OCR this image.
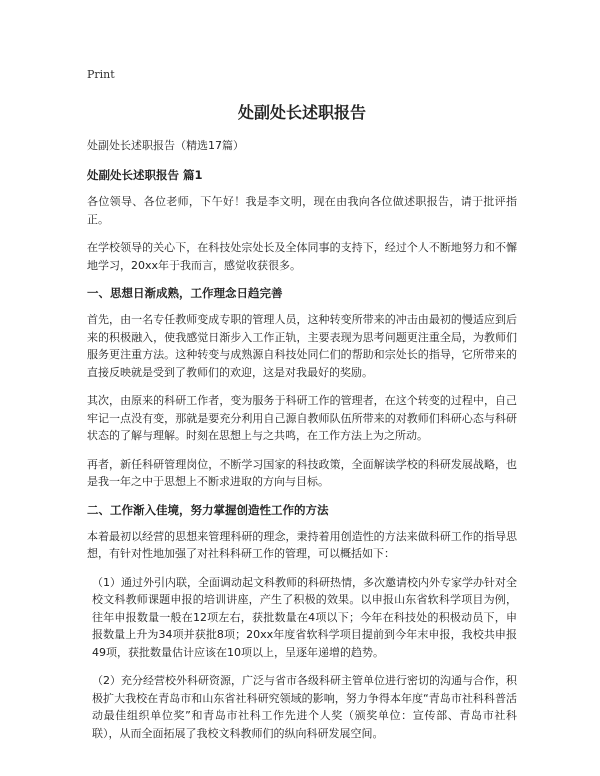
Print
处副处长述职报告
处副处长述职报告（精选17篇）
处副处长述职报告 篇1

各位领导、各位老师，下午好！我是李文明，现在由我向各位做述职报告，请于批评指正。

在学校领导的关心下，在科技处宗处长及全体同事的支持下，经过个人不断地努力和不懈地学习，20xx年于我而言，感觉收获很多。

一、思想日渐成熟，工作理念日趋完善

首先，由一名专任教师变成专职的管理人员，这种转变所带来的冲击由最初的慢适应到后来的积极融入，使我感觉日渐步入工作正轨，主要表现为思考问题更注重全局，为教师们服务更注重方法。这种转变与成熟源自科技处同仁们的帮助和宗处长的指导，它所带来的直接反映就是受到了教师们的欢迎，这是对我最好的奖励。

其次，由原来的科研工作者，变为服务于科研工作的管理者，在这个转变的过程中，自己牢记一点没有变，那就是要充分利用自己源自教师队伍所带来的对教师们科研心态与科研状态的了解与理解。时刻在思想上与之共鸣，在工作方法上为之所动。

再者，新任科研管理岗位，不断学习国家的科技政策，全面解读学校的科研发展战略，也是我一年之中于思想上不断求进取的方向与目标。

二、工作渐入佳境，努力掌握创造性工作的方法

本着最初以经营的思想来管理科研的理念，秉持着用创造性的方法来做科研工作的指导思想，有针对性地加强了对社科科研工作的管理，可以概括如下：

（1）通过外引内联，全面调动起文科教师的科研热情，多次邀请校内外专家学办针对全校文科教师课题申报的培训讲座，产生了积极的效果。以申报山东省软科学项目为例，往年申报数量一般在12项左右，获批数量在4项以下；今年在科技处的积极动员下，申报数量上升为34项并获批8项；20xx年度省软科学项目提前到今年末申报，我校共申报49项，获批数量估计应该在10项以上，呈逐年递增的趋势。

（2）充分经营校外科研资源，广泛与省市各级科研主管单位进行密切的沟通与合作，积极扩大我校在青岛市和山东省社科研究领域的影响，努力争得本年度“青岛市社科科普活动最佳组织单位奖”和青岛市社科工作先进个人奖（颁奖单位：宣传部、青岛市社科联），从而全面拓展了我校文科教师们的纵向科研发展空间。
